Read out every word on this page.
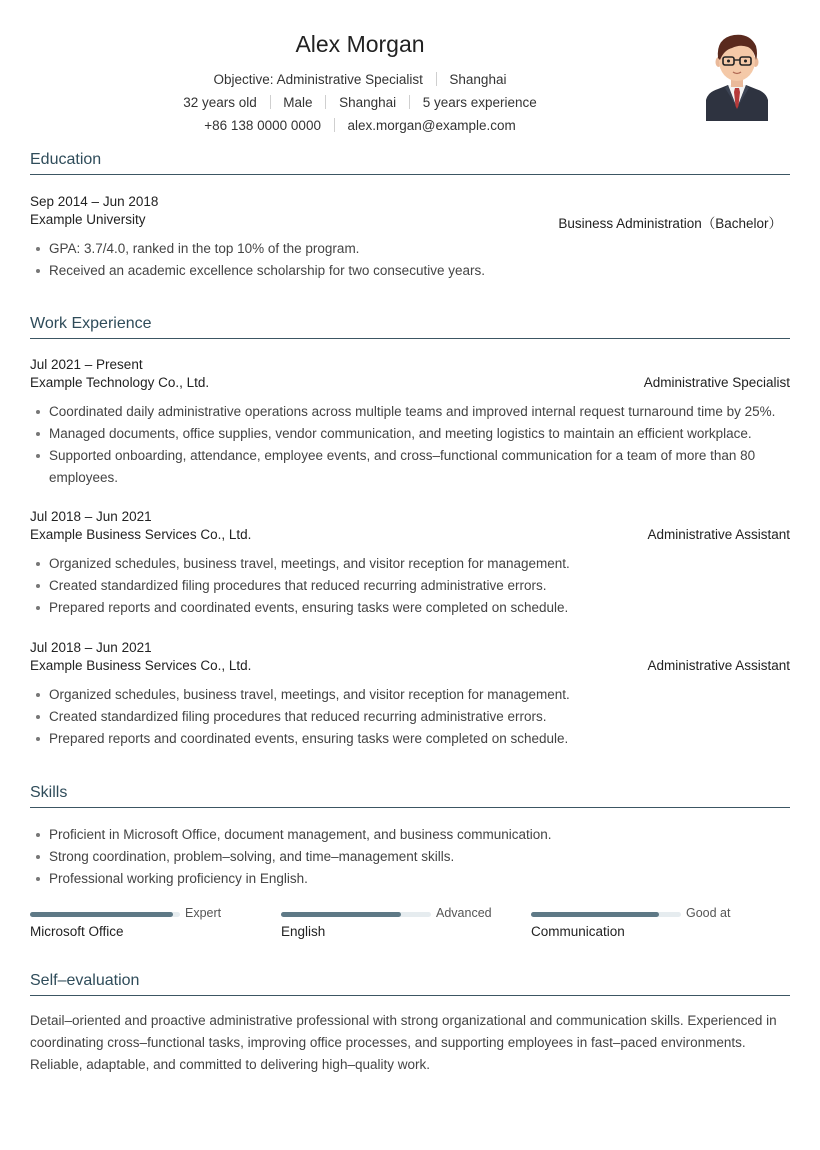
Alex Morgan
Objective: Administrative Specialist Shanghai
32 years old Male Shanghai 5 years experience
+86 138 0000 0000 alex.morgan@example.com
Education
Sep 2014 – Jun 2018
Example University	Business Administration（Bachelor）
GPA: 3.7/4.0, ranked in the top 10% of the program.
Received an academic excellence scholarship for two consecutive years.
Work Experience
Jul 2021 – Present
Example Technology Co., Ltd.	Administrative Specialist
Coordinated daily administrative operations across multiple teams and improved internal request turnaround time by 25%.
Managed documents, office supplies, vendor communication, and meeting logistics to maintain an efficient workplace.
Supported onboarding, attendance, employee events, and cross–functional communication for a team of more than 80 employees.
Jul 2018 – Jun 2021
Example Business Services Co., Ltd.	Administrative Assistant
Organized schedules, business travel, meetings, and visitor reception for management.
Created standardized filing procedures that reduced recurring administrative errors.
Prepared reports and coordinated events, ensuring tasks were completed on schedule.
Jul 2018 – Jun 2021
Example Business Services Co., Ltd.	Administrative Assistant
Organized schedules, business travel, meetings, and visitor reception for management.
Created standardized filing procedures that reduced recurring administrative errors.
Prepared reports and coordinated events, ensuring tasks were completed on schedule.
Skills
Proficient in Microsoft Office, document management, and business communication.
Strong coordination, problem–solving, and time–management skills.
Professional working proficiency in English.
Expert
Microsoft Office
Advanced
English
Good at
Communication
Self–evaluation
Detail–oriented and proactive administrative professional with strong organizational and communication skills. Experienced in coordinating cross–functional tasks, improving office processes, and supporting employees in fast–paced environments. Reliable, adaptable, and committed to delivering high–quality work.
